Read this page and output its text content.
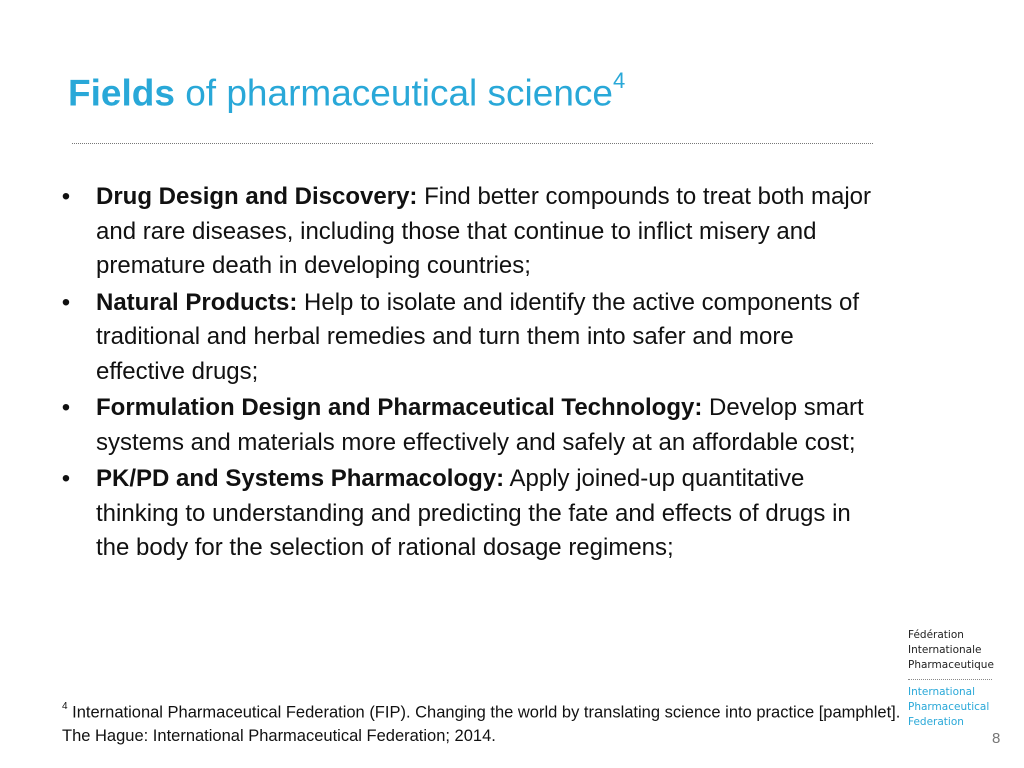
Fields of pharmaceutical science$^4$
• Drug Design and Discovery: Find better compounds to treat both major and rare diseases, including those that continue to inflict misery and premature death in developing countries;
• Natural Products: Help to isolate and identify the active components of traditional and herbal remedies and turn them into safer and more effective drugs;
• Formulation Design and Pharmaceutical Technology: Develop smart systems and materials more effectively and safely at an affordable cost;
• PK/PD and Systems Pharmacology: Apply joined-up quantitative thinking to understanding and predicting the fate and effects of drugs in the body for the selection of rational dosage regimens;
$^4$ International Pharmaceutical Federation (FIP). Changing the world by translating science into practice [pamphlet]. The Hague: International Pharmaceutical Federation; 2014.
Fédération
Internationale
Pharmaceutique
International
Pharmaceutical
Federation
8
